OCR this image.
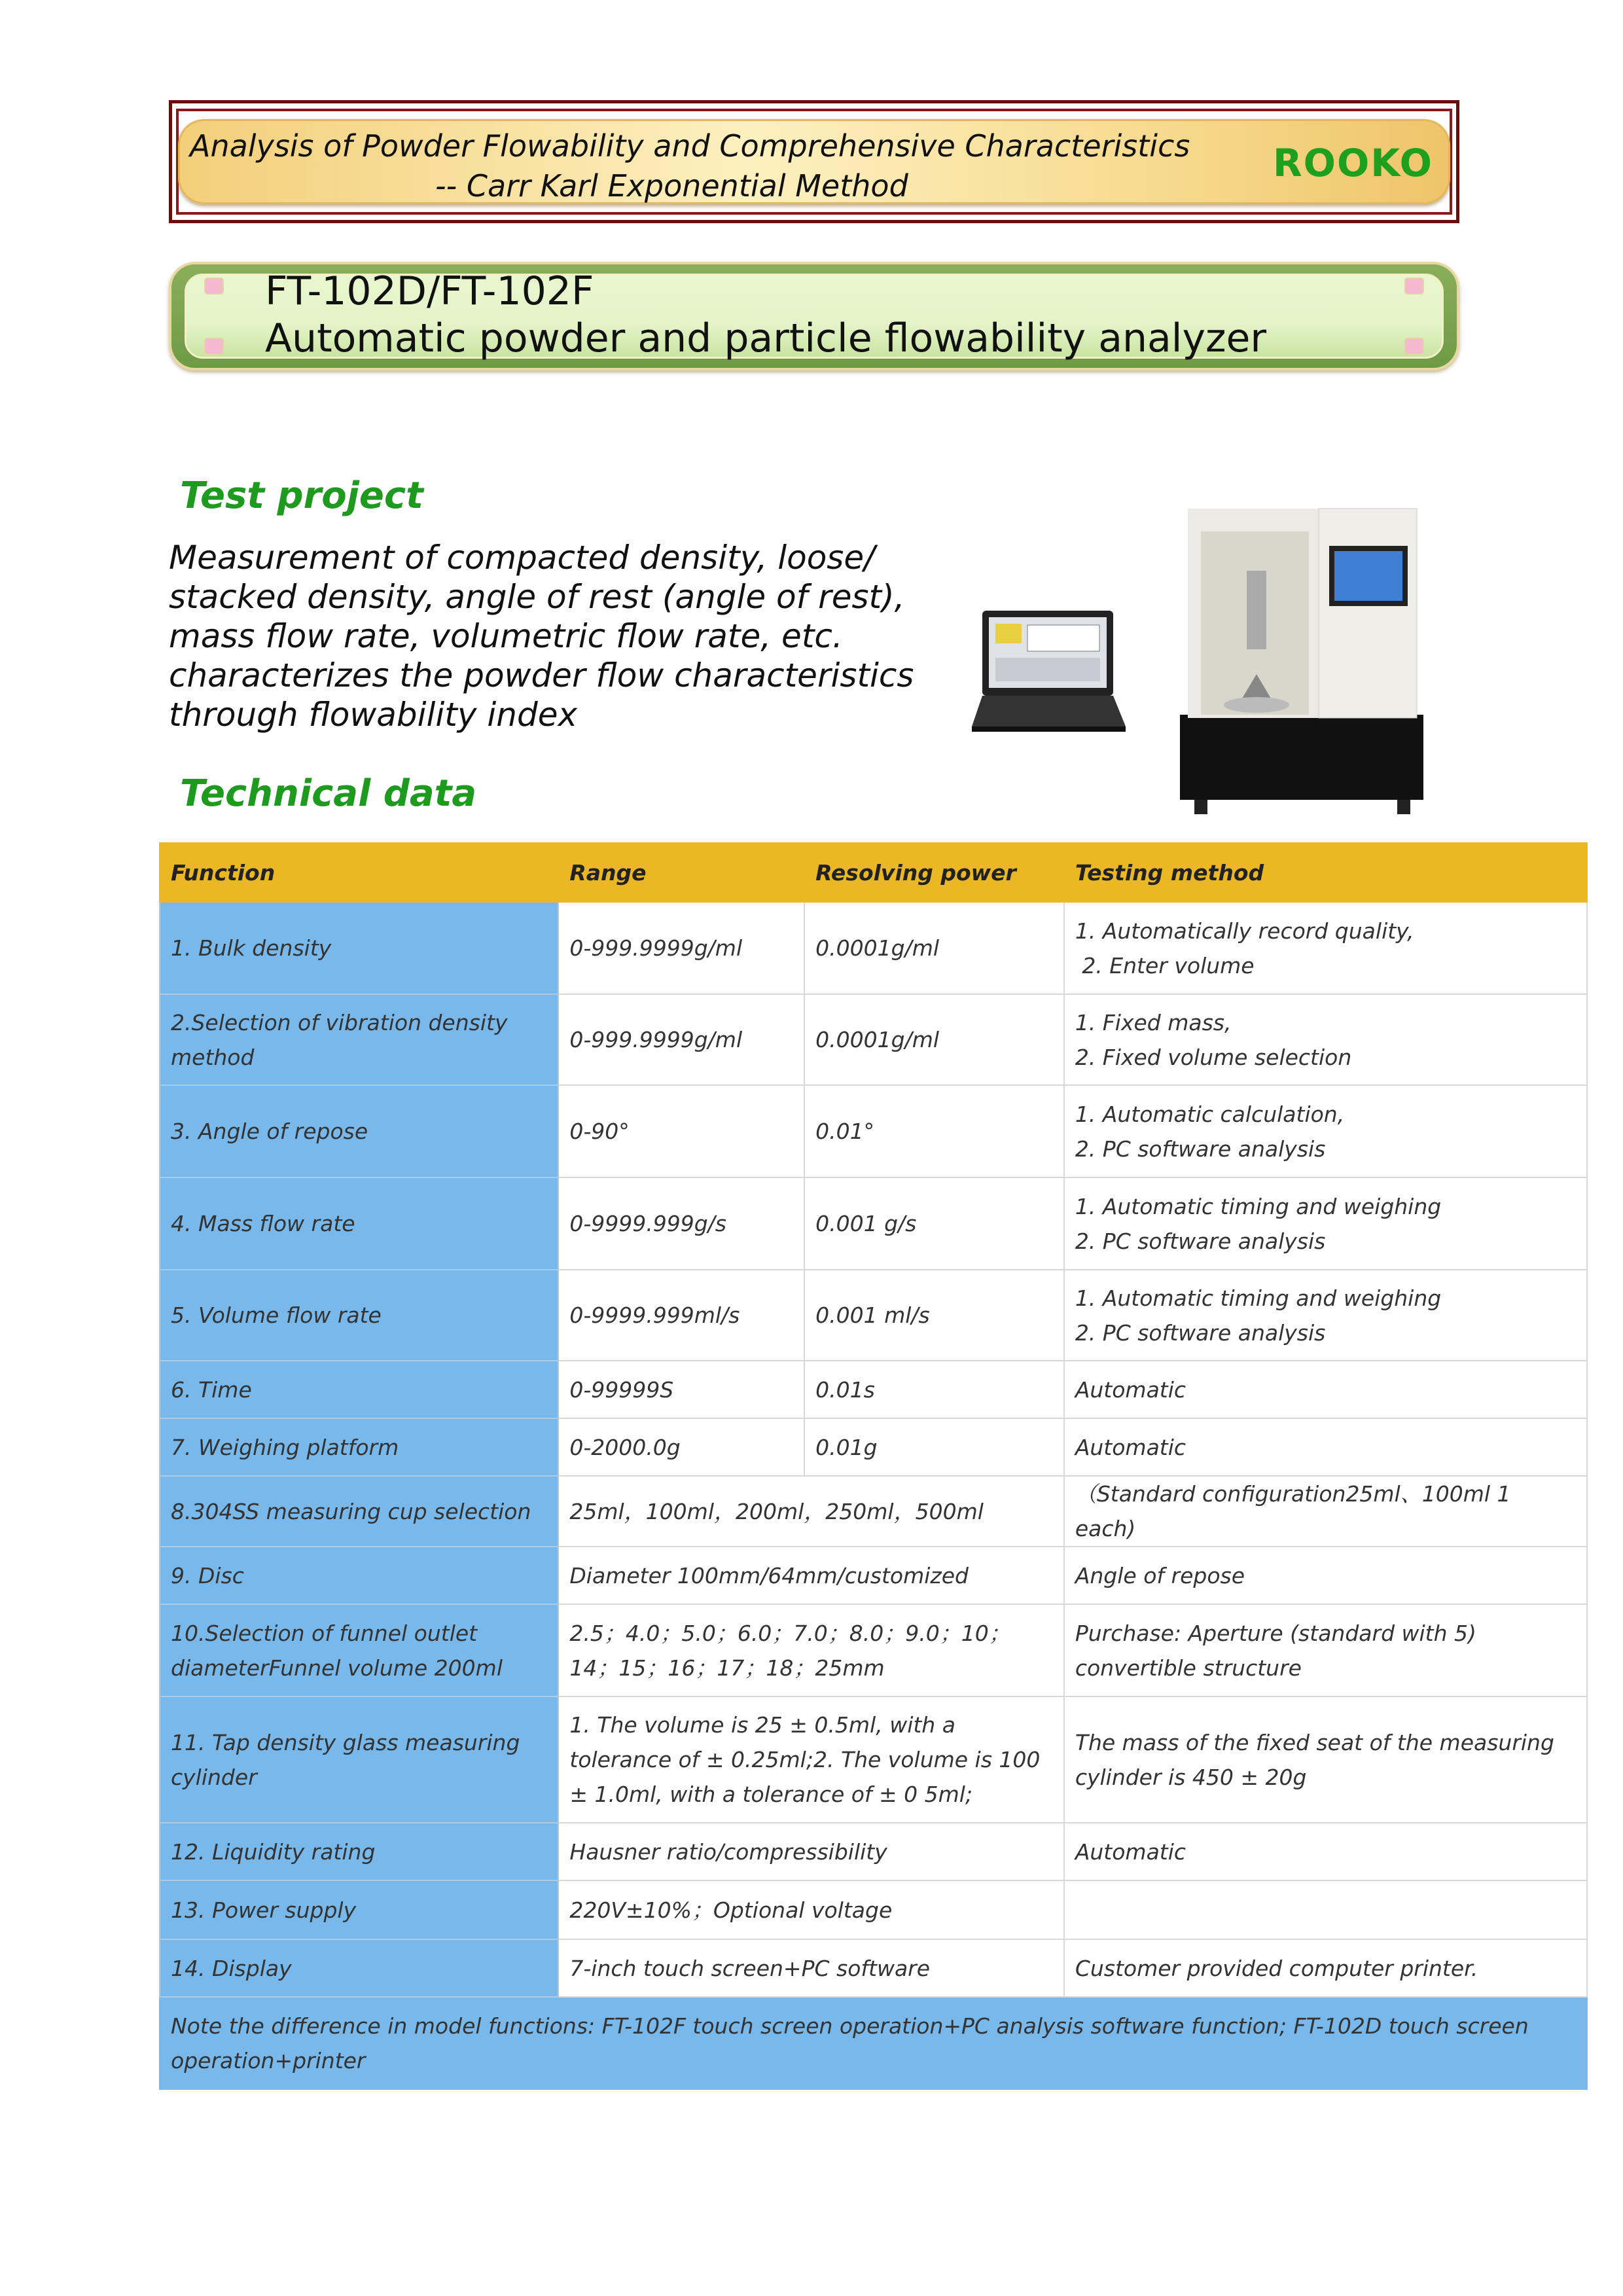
Analysis of Powder Flowability and Comprehensive Characteristics
-- Carr Karl Exponential Method
ROOKO
FT-102D/FT-102F
Automatic powder and particle flowability analyzer
Test project
Measurement of compacted density, loose/
stacked density, angle of rest (angle of rest),
mass flow rate, volumetric flow rate, etc.
characterizes the powder flow characteristics
through flowability index
Technical data
Function	Range	Resolving power	Testing method
1. Bulk density	0-999.9999g/ml	0.0001g/ml	1. Automatically record quality,
2. Enter volume

2.Selection of vibration density method	0-999.9999g/ml	0.0001g/ml	1. Fixed mass,
2. Fixed volume selection

3. Angle of repose	0-90°	0.01°	1. Automatic calculation,
2. PC software analysis

4. Mass flow rate	0-9999.999g/s	0.001 g/s	1. Automatic timing and weighing
2. PC software analysis

5. Volume flow rate	0-9999.999ml/s	0.001 ml/s	1. Automatic timing and weighing
2. PC software analysis

6. Time	0-99999S	0.01s	Automatic

7. Weighing platform	0-2000.0g	0.01g	Automatic

8.304SS measuring cup selection	25ml，100ml，200ml，250ml，500ml		（Standard configuration25ml、100ml 1 each)

9. Disc	Diameter 100mm/64mm/customized		Angle of repose

10.Selection of funnel outlet diameterFunnel volume 200ml	2.5；4.0；5.0；6.0；7.0；8.0；9.0；10；14；15；16；17；18；25mm		Purchase: Aperture (standard with 5) convertible structure

11. Tap density glass measuring cylinder	1. The volume is 25 ± 0.5ml, with a tolerance of ± 0.25ml;2. The volume is 100 ± 1.0ml, with a tolerance of ± 0 5ml;		The mass of the fixed seat of the measuring cylinder is 450 ± 20g

12. Liquidity rating	Hausner ratio/compressibility		Automatic

13. Power supply	220V±10%；Optional voltage		

14. Display	7-inch touch screen+PC software		Customer provided computer printer.

Note the difference in model functions: FT-102F touch screen operation+PC analysis software function; FT-102D touch screen operation+printer			
